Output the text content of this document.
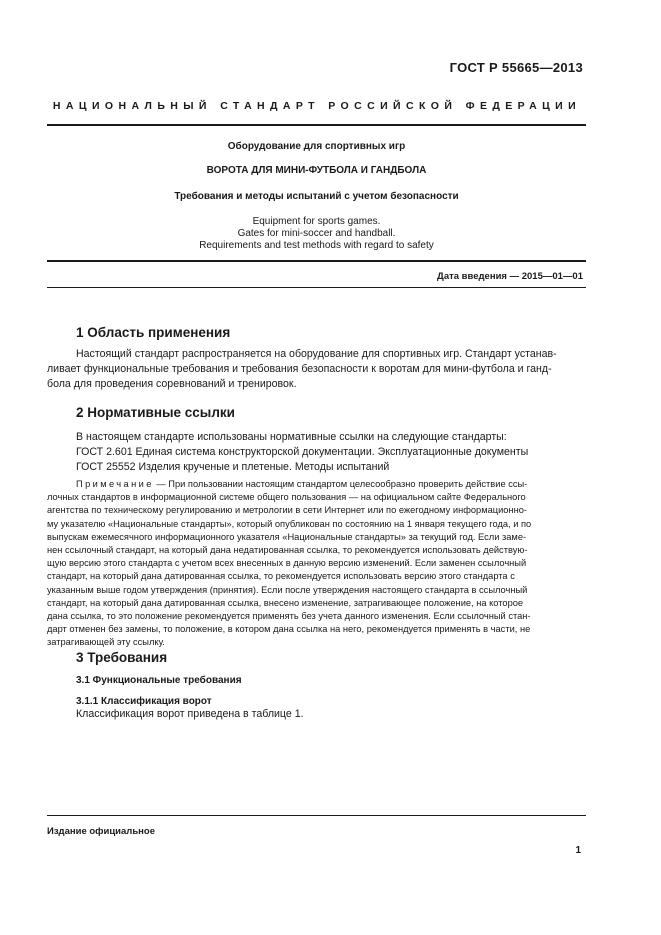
ГОСТ Р 55665—2013
НАЦИОНАЛЬНЫЙ СТАНДАРТ РОССИЙСКОЙ ФЕДЕРАЦИИ
Оборудование для спортивных игр
ВОРОТА ДЛЯ МИНИ-ФУТБОЛА И ГАНДБОЛА
Требования и методы испытаний с учетом безопасности
Equipment for sports games.
Gates for mini-soccer and handball.
Requirements and test methods with regard to safety
Дата введения — 2015—01—01
1 Область применения
Настоящий стандарт распространяется на оборудование для спортивных игр. Стандарт устанав-
ливает функциональные требования и требования безопасности к воротам для мини-футбола и ганд-
бола для проведения соревнований и тренировок.
2 Нормативные ссылки
В настоящем стандарте использованы нормативные ссылки на следующие стандарты:
ГОСТ 2.601 Единая система конструкторской документации. Эксплуатационные документы
ГОСТ 25552 Изделия крученые и плетеные. Методы испытаний
Примечание — При пользовании настоящим стандартом целесообразно проверить действие ссы-
лочных стандартов в информационной системе общего пользования — на официальном сайте Федерального
агентства по техническому регулированию и метрологии в сети Интернет или по ежегодному информационно-
му указателю «Национальные стандарты», который опубликован по состоянию на 1 января текущего года, и по
выпускам ежемесячного информационного указателя «Национальные стандарты» за текущий год. Если заме-
нен ссылочный стандарт, на который дана недатированная ссылка, то рекомендуется использовать действую-
щую версию этого стандарта с учетом всех внесенных в данную версию изменений. Если заменен ссылочный
стандарт, на который дана датированная ссылка, то рекомендуется использовать версию этого стандарта с
указанным выше годом утверждения (принятия). Если после утверждения настоящего стандарта в ссылочный
стандарт, на который дана датированная ссылка, внесено изменение, затрагивающее положение, на которое
дана ссылка, то это положение рекомендуется применять без учета данного изменения. Если ссылочный стан-
дарт отменен без замены, то положение, в котором дана ссылка на него, рекомендуется применять в части, не
затрагивающей эту ссылку.
3 Требования
3.1 Функциональные требования
3.1.1 Классификация ворот
Классификация ворот приведена в таблице 1.
Издание официальное
1
